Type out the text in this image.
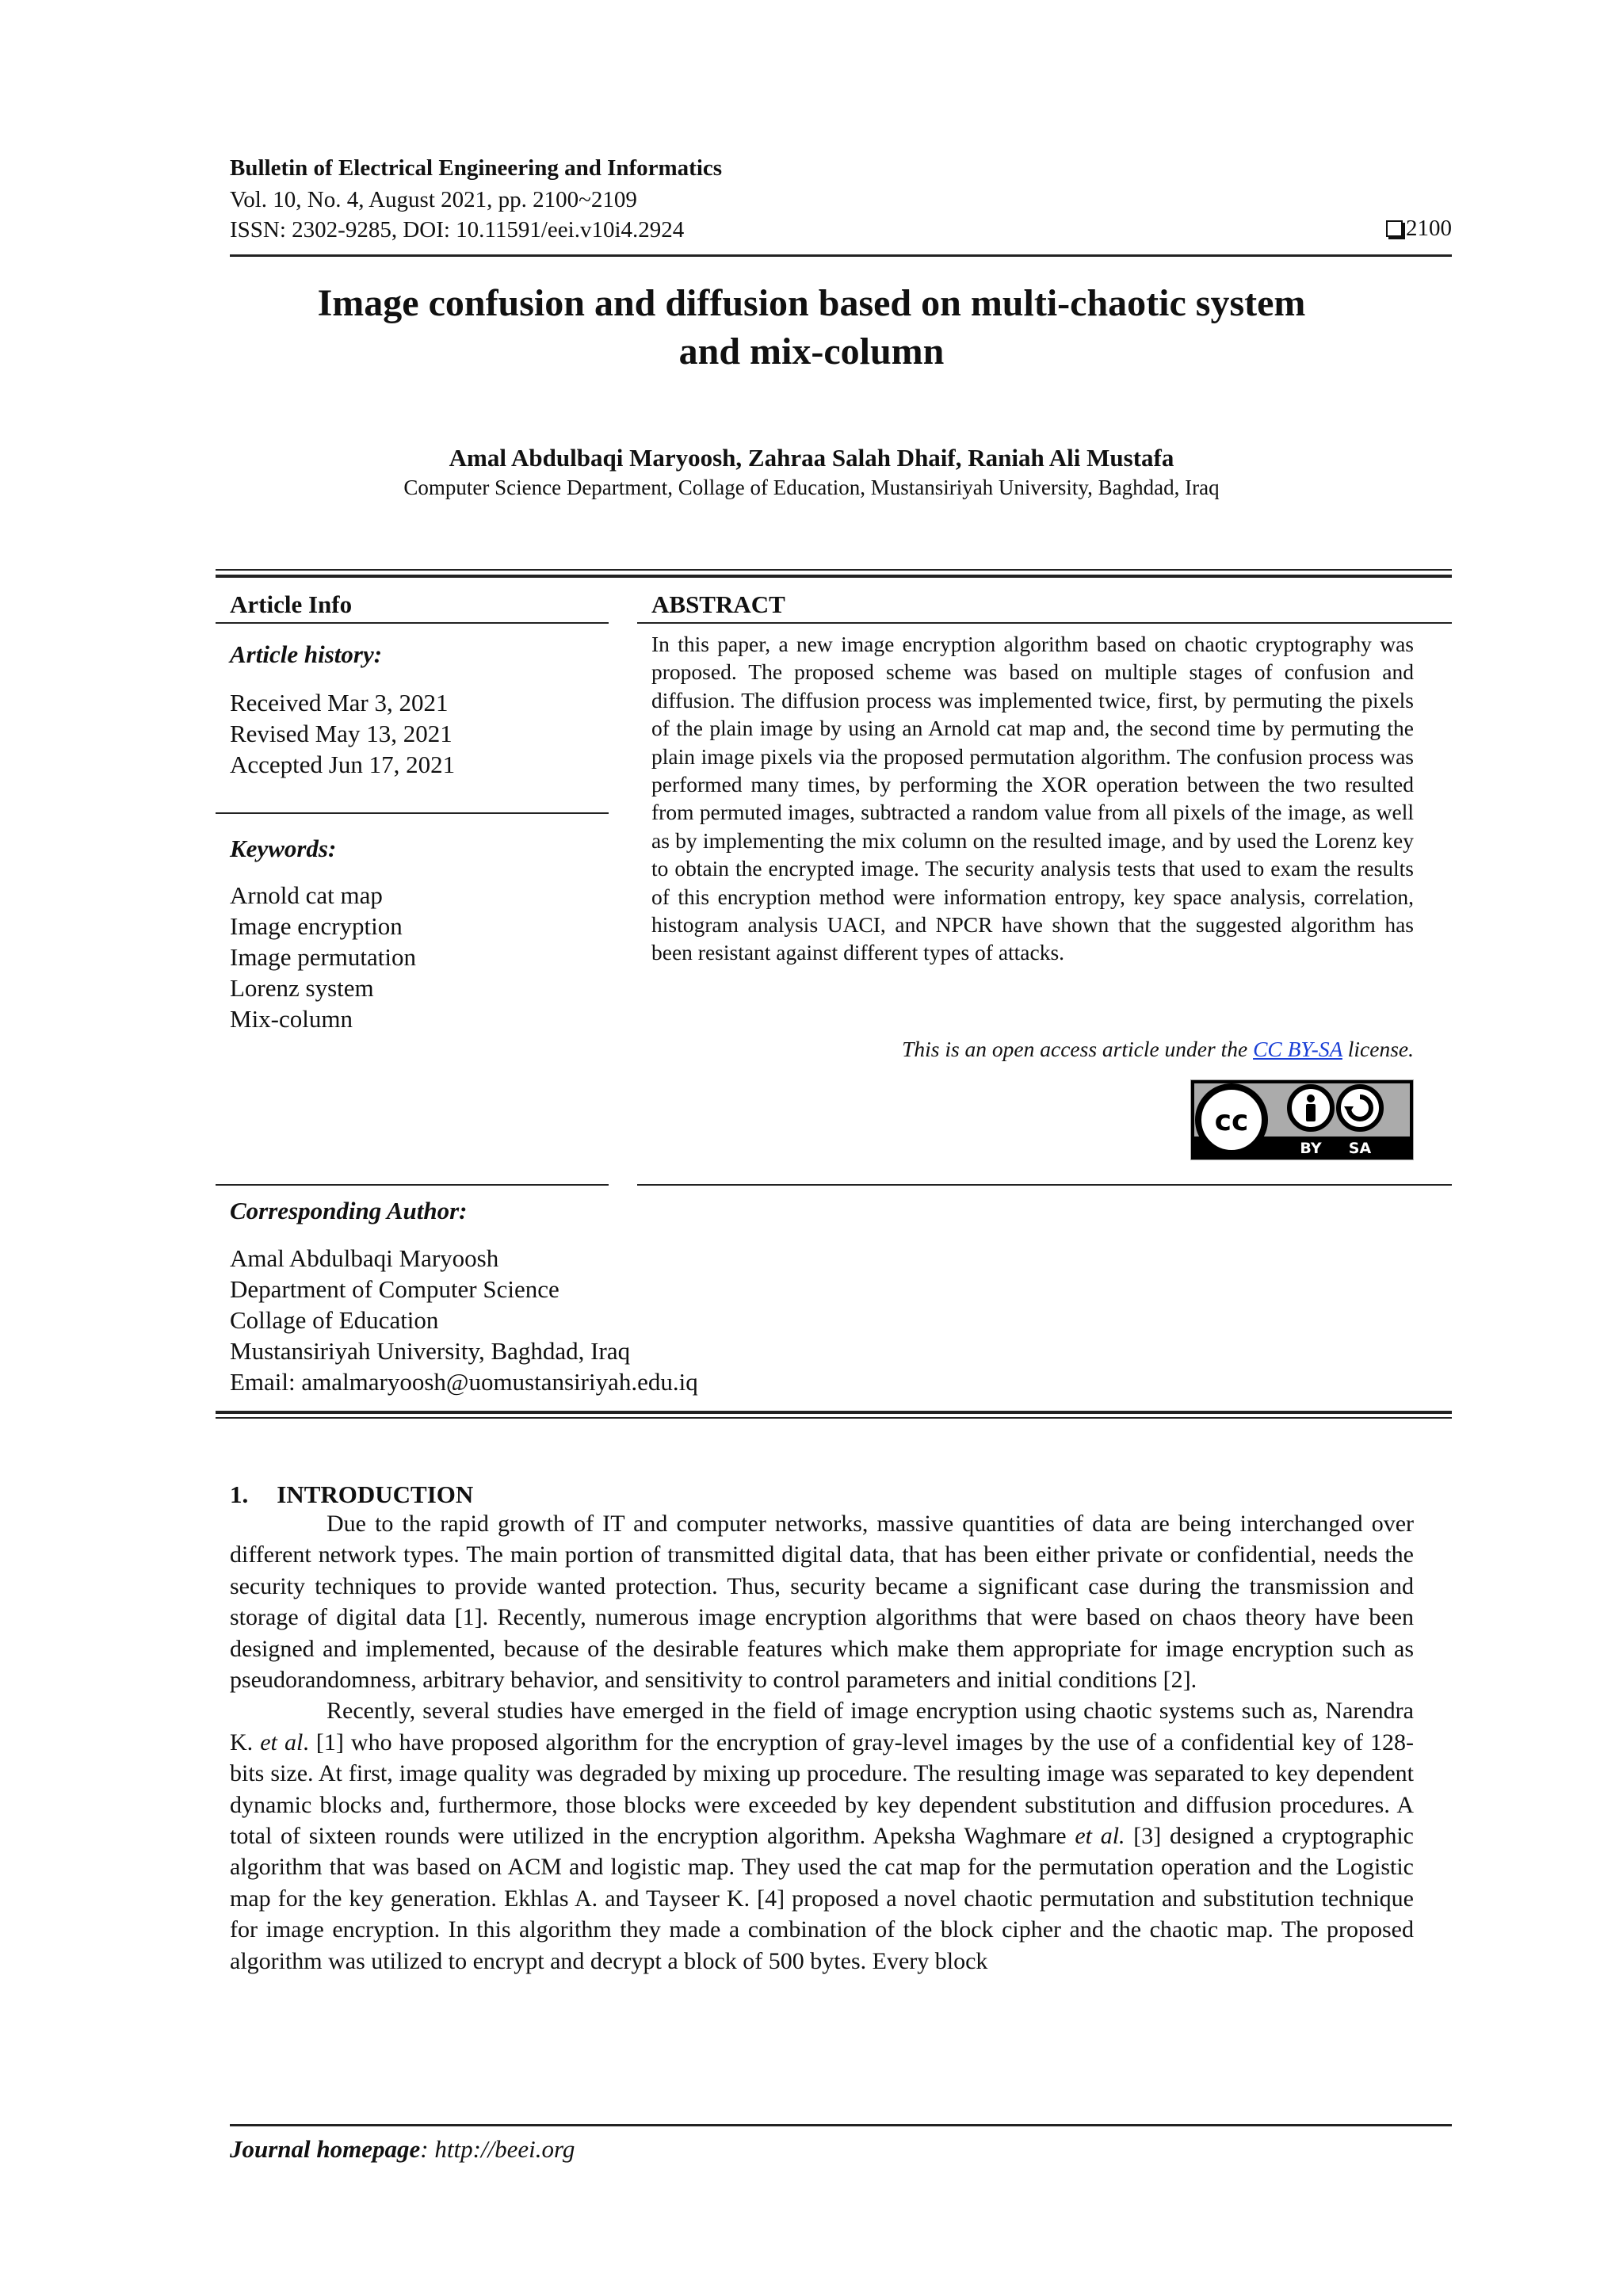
Bulletin of Electrical Engineering and Informatics
Vol. 10, No. 4, August 2021, pp. 2100~2109
ISSN: 2302-9285, DOI: 10.11591/eei.v10i4.2924	2100
Image confusion and diffusion based on multi-chaotic system
and mix-column
Amal Abdulbaqi Maryoosh, Zahraa Salah Dhaif, Raniah Ali Mustafa
Computer Science Department, Collage of Education, Mustansiriyah University, Baghdad, Iraq
Article Info
Article history:
Received Mar 3, 2021
Revised May 13, 2021
Accepted Jun 17, 2021
Keywords:
Arnold cat map
Image encryption
Image permutation
Lorenz system
Mix-column
ABSTRACT
In this paper, a new image encryption algorithm based on chaotic cryptography was proposed. The proposed scheme was based on multiple stages of confusion and diffusion. The diffusion process was implemented twice, first, by permuting the pixels of the plain image by using an Arnold cat map and, the second time by permuting the plain image pixels via the proposed permutation algorithm. The confusion process was performed many times, by performing the XOR operation between the two resulted from permuted images, subtracted a random value from all pixels of the image, as well as by implementing the mix column on the resulted image, and by used the Lorenz key to obtain the encrypted image. The security analysis tests that used to exam the results of this encryption method were information entropy, key space analysis, correlation, histogram analysis UACI, and NPCR have shown that the suggested algorithm has been resistant against different types of attacks.
This is an open access article under the CC BY-SA license.
cc
BY SA
Corresponding Author:
Amal Abdulbaqi Maryoosh
Department of Computer Science
Collage of Education
Mustansiriyah University, Baghdad, Iraq
Email: amalmaryoosh@uomustansiriyah.edu.iq
1. INTRODUCTION

Due to the rapid growth of IT and computer networks, massive quantities of data are being interchanged over different network types. The main portion of transmitted digital data, that has been either private or confidential, needs the security techniques to provide wanted protection. Thus, security became a significant case during the transmission and storage of digital data [1]. Recently, numerous image encryption algorithms that were based on chaos theory have been designed and implemented, because of the desirable features which make them appropriate for image encryption such as pseudorandomness, arbitrary behavior, and sensitivity to control parameters and initial conditions [2].

Recently, several studies have emerged in the field of image encryption using chaotic systems such as, Narendra K. et al. [1] who have proposed algorithm for the encryption of gray-level images by the use of a confidential key of 128-bits size. At first, image quality was degraded by mixing up procedure. The resulting image was separated to key dependent dynamic blocks and, furthermore, those blocks were exceeded by key dependent substitution and diffusion procedures. A total of sixteen rounds were utilized in the encryption algorithm. Apeksha Waghmare et al. [3] designed a cryptographic algorithm that was based on ACM and logistic map. They used the cat map for the permutation operation and the Logistic map for the key generation. Ekhlas A. and Tayseer K. [4] proposed a novel chaotic permutation and substitution technique for image encryption. In this algorithm they made a combination of the block cipher and the chaotic map. The proposed algorithm was utilized to encrypt and decrypt a block of 500 bytes. Every block

Journal homepage: http://beei.org
